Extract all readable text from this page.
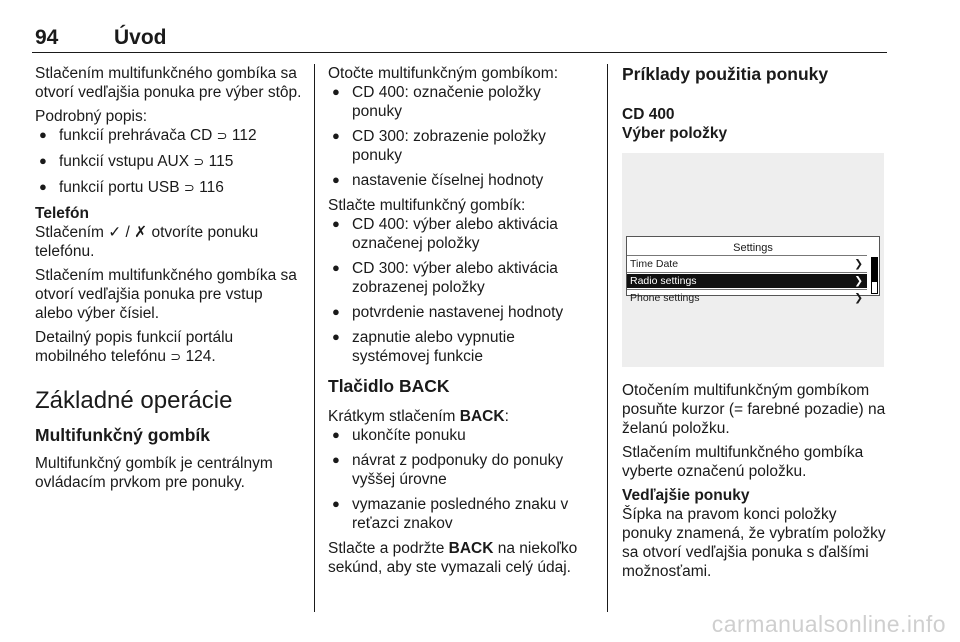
94	Úvod

Stlačením multifunkčného gombíka sa otvorí vedľajšia ponuka pre výber stôp.

Podrobný popis:

● funkcií prehrávača CD ⊃ 112
● funkcií vstupu AUX ⊃ 115
● funkcií portu USB ⊃ 116

Telefón

Stlačením ✓ / ✗ otvoríte ponuku telefónu.

Stlačením multifunkčného gombíka sa otvorí vedľajšia ponuka pre vstup alebo výber čísiel.

Detailný popis funkcií portálu mobilného telefónu ⊃ 124.

Základné operácie
Multifunkčný gombík

Multifunkčný gombík je centrálnym ovládacím prvkom pre ponuky.

Otočte multifunkčným gombíkom:

● CD 400: označenie položky ponuky
● CD 300: zobrazenie položky ponuky
● nastavenie číselnej hodnoty

Stlačte multifunkčný gombík:

● CD 400: výber alebo aktivácia označenej položky
● CD 300: výber alebo aktivácia zobrazenej položky
● potvrdenie nastavenej hodnoty
● zapnutie alebo vypnutie systémovej funkcie
Tlačidlo BACK

Krátkym stlačením BACK:

● ukončíte ponuku
● návrat z podponuky do ponuky vyššej úrovne
● vymazanie posledného znaku v reťazci znakov

Stlačte a podržte BACK na niekoľko sekúnd, aby ste vymazali celý údaj.

Príklady použitia ponuky

CD 400

Výber položky

Settings
Time Date	❯
Radio settings	❯
Phone settings	❯

Otočením multifunkčným gombíkom posuňte kurzor (= farebné pozadie) na želanú položku.

Stlačením multifunkčného gombíka vyberte označenú položku.

Vedľajšie ponuky

Šípka na pravom konci položky ponuky znamená, že vybratím položky sa otvorí vedľajšia ponuka s ďalšími možnosťami.

carmanualsonline.info
